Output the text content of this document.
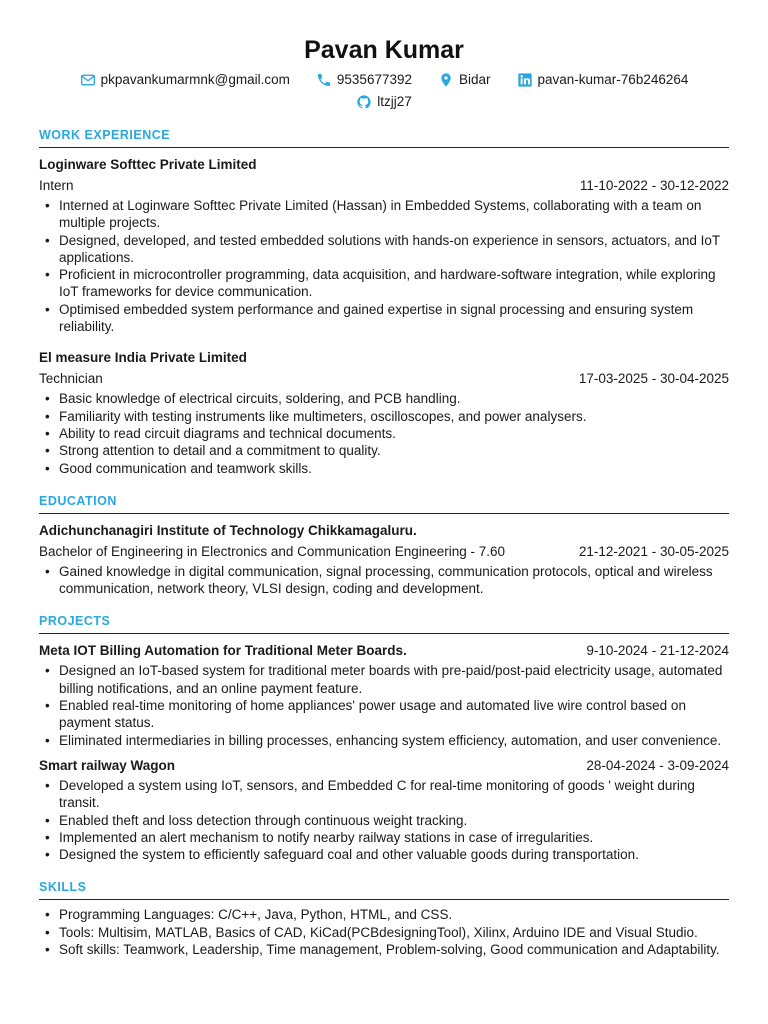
Pavan Kumar
pkpavankumarmnk@gmail.com	9535677392	Bidar	pavan-kumar-76b246264
ltzjj27
WORK EXPERIENCE
Loginware Softtec Private Limited
Intern	11-10-2022 - 30-12-2022
• Interned at Loginware Softtec Private Limited (Hassan) in Embedded Systems, collaborating with a team on multiple projects.
• Designed, developed, and tested embedded solutions with hands-on experience in sensors, actuators, and IoT applications.
• Proficient in microcontroller programming, data acquisition, and hardware-software integration, while exploring IoT frameworks for device communication.
• Optimised embedded system performance and gained expertise in signal processing and ensuring system reliability.
El measure India Private Limited
Technician	17-03-2025 - 30-04-2025
• Basic knowledge of electrical circuits, soldering, and PCB handling.
• Familiarity with testing instruments like multimeters, oscilloscopes, and power analysers.
• Ability to read circuit diagrams and technical documents.
• Strong attention to detail and a commitment to quality.
• Good communication and teamwork skills.
EDUCATION
Adichunchanagiri Institute of Technology Chikkamagaluru.
Bachelor of Engineering in Electronics and Communication Engineering - 7.60	21-12-2021 - 30-05-2025
• Gained knowledge in digital communication, signal processing, communication protocols, optical and wireless communication, network theory, VLSI design, coding and development.
PROJECTS
Meta IOT Billing Automation for Traditional Meter Boards.	9-10-2024 - 21-12-2024
• Designed an IoT-based system for traditional meter boards with pre-paid/post-paid electricity usage, automated billing notifications, and an online payment feature.
• Enabled real-time monitoring of home appliances' power usage and automated live wire control based on payment status.
• Eliminated intermediaries in billing processes, enhancing system efficiency, automation, and user convenience.
Smart railway Wagon	28-04-2024 - 3-09-2024
• Developed a system using IoT, sensors, and Embedded C for real-time monitoring of goods ' weight during transit.
• Enabled theft and loss detection through continuous weight tracking.
• Implemented an alert mechanism to notify nearby railway stations in case of irregularities.
• Designed the system to efficiently safeguard coal and other valuable goods during transportation.
SKILLS
• Programming Languages: C/C++, Java, Python, HTML, and CSS.
• Tools: Multisim, MATLAB, Basics of CAD, KiCad(PCBdesigningTool), Xilinx, Arduino IDE and Visual Studio.
• Soft skills: Teamwork, Leadership, Time management, Problem-solving, Good communication and Adaptability.
